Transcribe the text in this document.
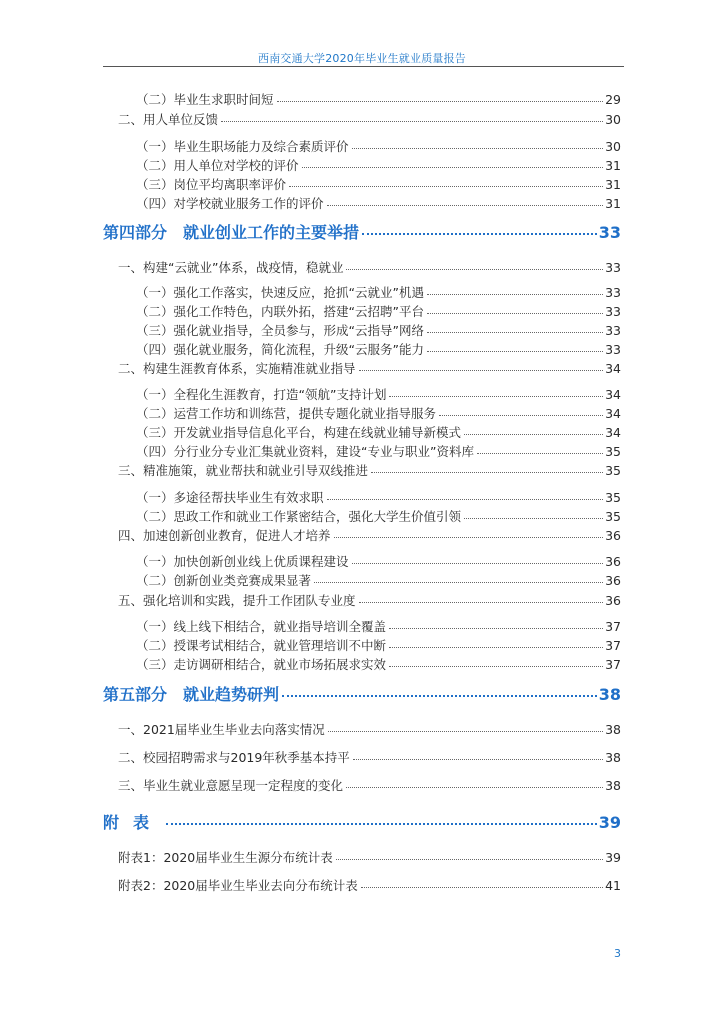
西南交通大学2020年毕业生就业质量报告
（二）毕业生求职时间短	29
二、用人单位反馈	30
（一）毕业生职场能力及综合素质评价	30
（二）用人单位对学校的评价	31
（三）岗位平均离职率评价	31
（四）对学校就业服务工作的评价	31
第四部分　就业创业工作的主要举措	33
一、构建“云就业”体系，战疫情，稳就业	33
（一）强化工作落实，快速反应，抢抓“云就业”机遇	33
（二）强化工作特色，内联外拓，搭建“云招聘”平台	33
（三）强化就业指导，全员参与，形成“云指导”网络	33
（四）强化就业服务，简化流程，升级“云服务”能力	33
二、构建生涯教育体系，实施精准就业指导	34
（一）全程化生涯教育，打造“领航”支持计划	34
（二）运营工作坊和训练营，提供专题化就业指导服务	34
（三）开发就业指导信息化平台，构建在线就业辅导新模式	34
（四）分行业分专业汇集就业资料，建设“专业与职业”资料库	35
三、精准施策，就业帮扶和就业引导双线推进	35
（一）多途径帮扶毕业生有效求职	35
（二）思政工作和就业工作紧密结合，强化大学生价值引领	35
四、加速创新创业教育，促进人才培养	36
（一）加快创新创业线上优质课程建设	36
（二）创新创业类竞赛成果显著	36
五、强化培训和实践，提升工作团队专业度	36
（一）线上线下相结合，就业指导培训全覆盖	37
（二）授课考试相结合，就业管理培训不中断	37
（三）走访调研相结合，就业市场拓展求实效	37
第五部分　就业趋势研判	38
一、2021届毕业生毕业去向落实情况	38
二、校园招聘需求与2019年秋季基本持平	38
三、毕业生就业意愿呈现一定程度的变化	38
附表	39
附表1：2020届毕业生生源分布统计表	39
附表2：2020届毕业生毕业去向分布统计表	41
3
